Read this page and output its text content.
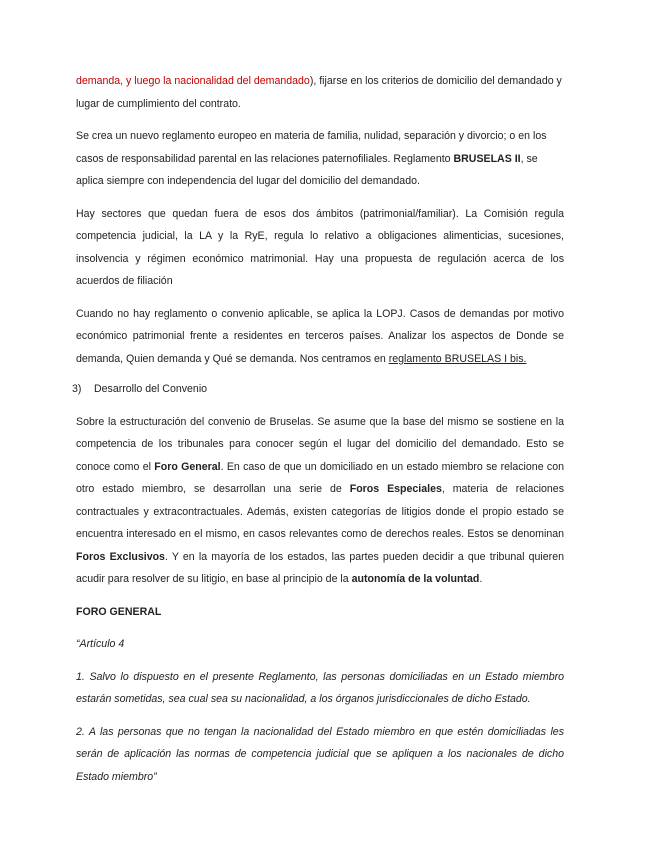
demanda, y luego la nacionalidad del demandado), fijarse en los criterios de domicilio del demandado y lugar de cumplimiento del contrato.

Se crea un nuevo reglamento europeo en materia de familia, nulidad, separación y divorcio; o en los casos de responsabilidad parental en las relaciones paternofiliales. Reglamento BRUSELAS II, se aplica siempre con independencia del lugar del domicilio del demandado.

Hay sectores que quedan fuera de esos dos ámbitos (patrimonial/familiar). La Comisión regula competencia judicial, la LA y la RyE, regula lo relativo a obligaciones alimenticias, sucesiones, insolvencia y régimen económico matrimonial. Hay una propuesta de regulación acerca de los acuerdos de filiación

Cuando no hay reglamento o convenio aplicable, se aplica la LOPJ. Casos de demandas por motivo económico patrimonial frente a residentes en terceros países. Analizar los aspectos de Donde se demanda, Quien demanda y Qué se demanda. Nos centramos en reglamento BRUSELAS I bis.

3) Desarrollo del Convenio

Sobre la estructuración del convenio de Bruselas. Se asume que la base del mismo se sostiene en la competencia de los tribunales para conocer según el lugar del domicilio del demandado. Esto se conoce como el Foro General. En caso de que un domiciliado en un estado miembro se relacione con otro estado miembro, se desarrollan una serie de Foros Especiales, materia de relaciones contractuales y extracontractuales. Además, existen categorías de litigios donde el propio estado se encuentra interesado en el mismo, en casos relevantes como de derechos reales. Estos se denominan Foros Exclusivos. Y en la mayoría de los estados, las partes pueden decidir a que tribunal quieren acudir para resolver de su litigio, en base al principio de la autonomía de la voluntad.

FORO GENERAL

“Artículo 4

1. Salvo lo dispuesto en el presente Reglamento, las personas domiciliadas en un Estado miembro estarán sometidas, sea cual sea su nacionalidad, a los órganos jurisdiccionales de dicho Estado.

2. A las personas que no tengan la nacionalidad del Estado miembro en que estén domiciliadas les serán de aplicación las normas de competencia judicial que se apliquen a los nacionales de dicho Estado miembro”
